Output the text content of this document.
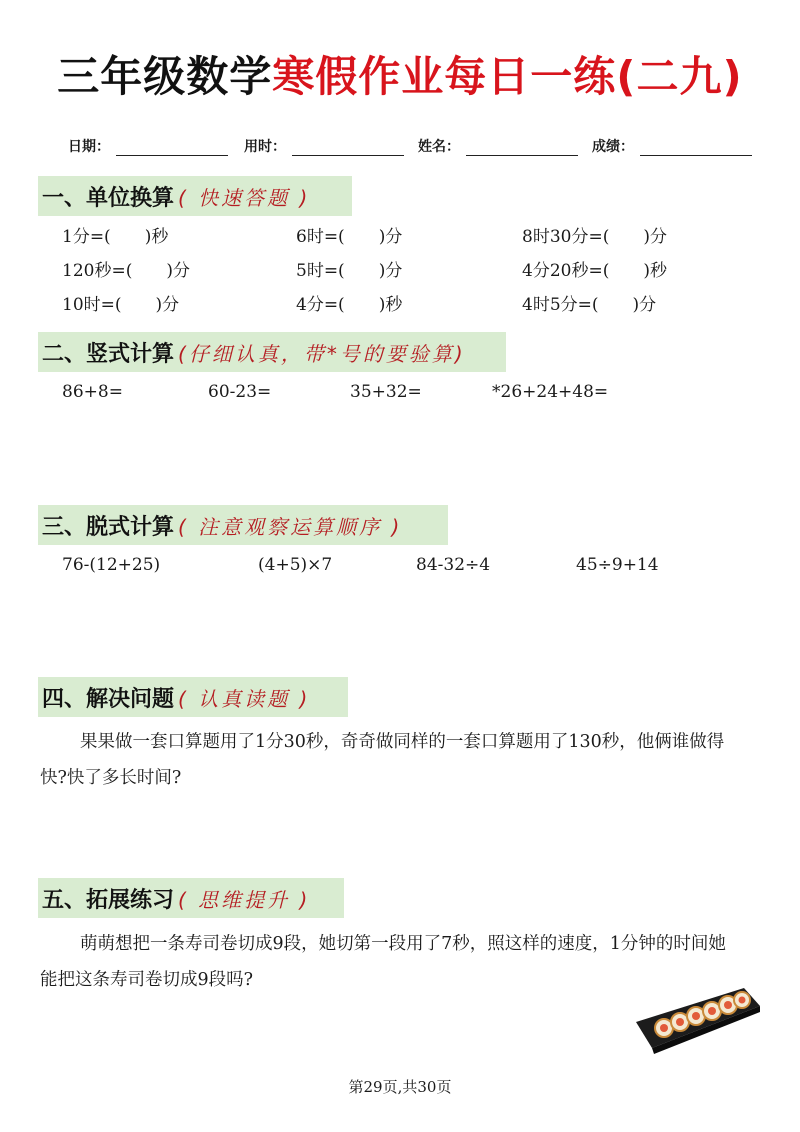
三年级数学寒假作业每日一练(二九)
日期：	用时：	姓名：	成绩：
一、单位换算 ( 快速答题 )
1分=(　　)秒	6时=(　　)分	8时30分=(　　)分
120秒=(　　)分	5时=(　　)分	4分20秒=(　　)秒
10时=(　　)分	4分=(　　)秒	4时5分=(　　)分
二、竖式计算 (仔细认真，带*号的要验算)
86+8=	60-23=	35+32=	*26+24+48=
三、脱式计算 ( 注意观察运算顺序 )
76-(12+25)	(4+5)×7	84-32÷4	45÷9+14
四、解决问题 ( 认真读题 )
果果做一套口算题用了1分30秒，奇奇做同样的一套口算题用了130秒，他俩谁做得快?快了多长时间?
五、拓展练习 ( 思维提升 )
萌萌想把一条寿司卷切成9段，她切第一段用了7秒，照这样的速度，1分钟的时间她能把这条寿司卷切成9段吗?
第29页,共30页
